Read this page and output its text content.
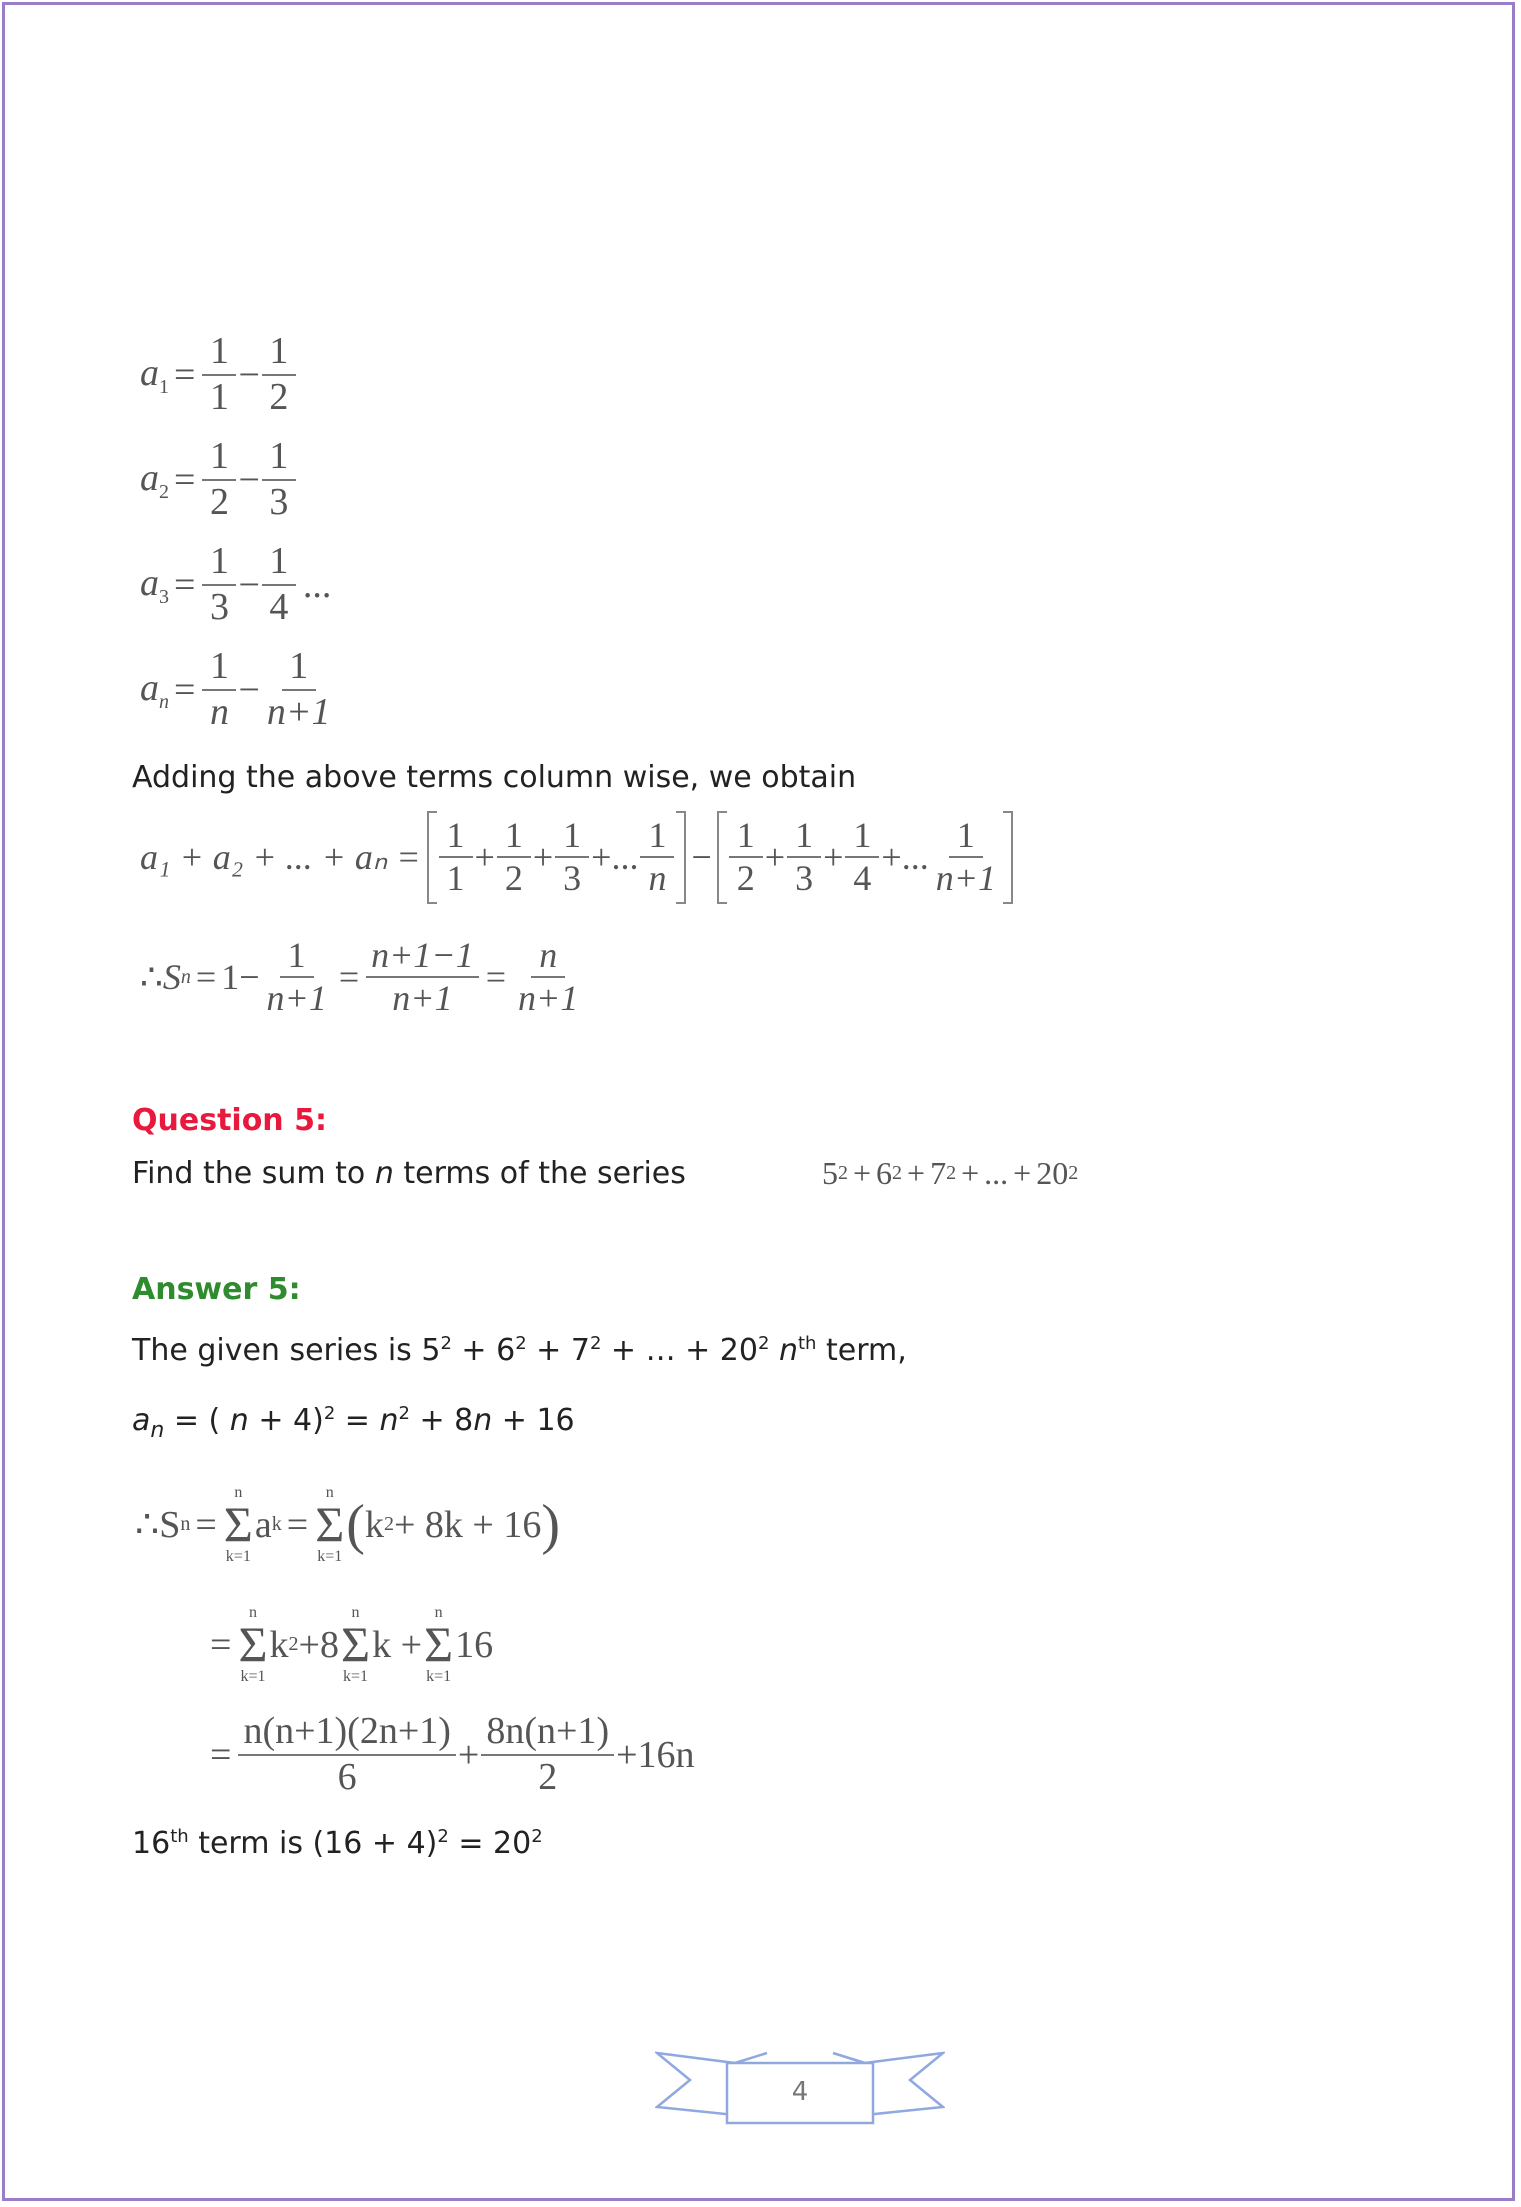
$a_1 = \frac{1}{1} - \frac{1}{2}$
$a_2 = \frac{1}{2} - \frac{1}{3}$
$a_3 = \frac{1}{3} - \frac{1}{4}$ ...
$a_n = \frac{1}{n} - \frac{1}{n+1}$
Adding the above terms column wise, we obtain
a₁ + a₂ + ... + $a_n = \frac{1}{1} + \frac{1}{2} + \frac{1}{3}$ + ... $\frac{1}{n} - \frac{1}{2} + \frac{1}{3} + \frac{1}{4}$ + ... $\frac{1}{n+1}$
∴ S $n = 1 - \frac{1}{n+1} = \frac{n+1-1}{n+1} = \frac{n}{n+1}$
Question 5:
Find the sum to n terms of the series	5 2 + 6 2 + 7 2 + ... + 20 2
Answer 5:
The given series is $5^2 + 6^2 + 7^2$ + … + $20^2$ $n^{th}$ term,
$a_n$ = ( $n + 4)^2 = n^2 + 8n + 16$
∴ S n =
n
Σ
k=1
a k =
n
Σ
k=1
( k 2 + 8k + 16 )
=
n
Σ
k=1
k 2 +8
n
Σ
k=1
k +
n
Σ
k=1
16
= $\frac{n(n+1)(2n+1)}{6} + \frac{8n(n+1)}{2} +16n$
16th term is $(16 + 4)^2 = 20^2$
4
